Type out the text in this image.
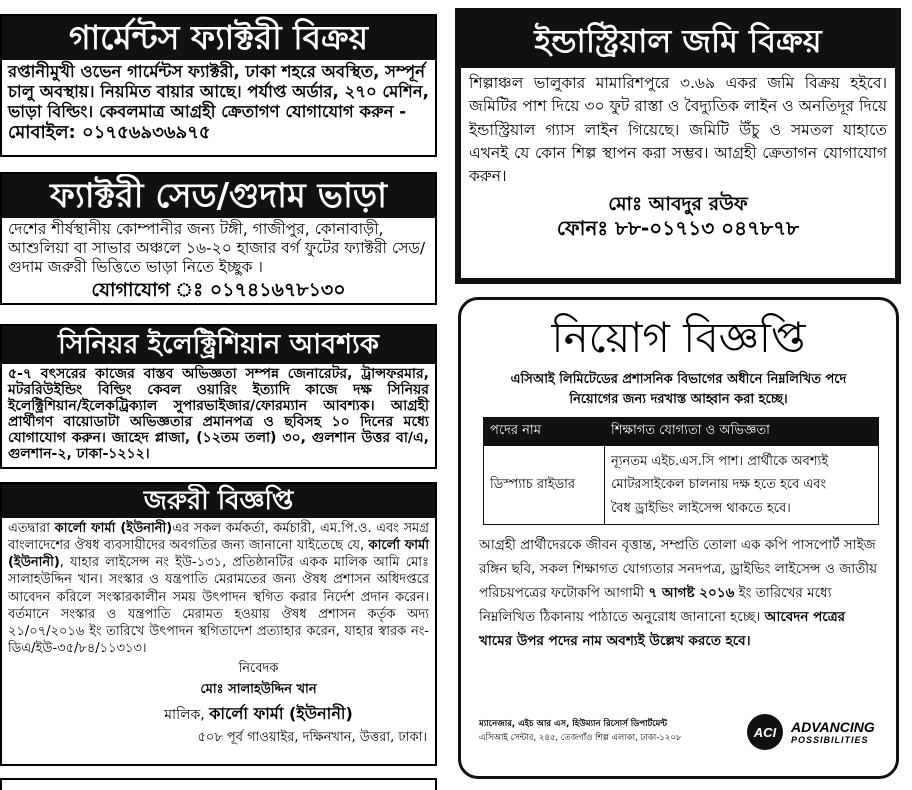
গার্মেন্টস ফ্যাক্টরী বিক্রয়
রপ্তানীমুখী ওভেন গার্মেন্টস ফ্যাক্টরী, ঢাকা শহরে অবস্থিত, সম্পূর্ন চালু অবস্থায়। নিয়মিত বায়ার আছে। পর্যাপ্ত অর্ডার, ২৭০ মেশিন, ভাড়া বিল্ডিং। কেবলমাত্র আগ্রহী ক্রেতাগণ যোগাযোগ করুন - মোবাইল: ০১৭৫৬৯৩৬৯৭৫
ফ্যাক্টরী সেড/গুদাম ভাড়া
দেশের শীর্ষস্থানীয় কোম্পানীর জন্য টঙ্গী, গাজীপুর, কোনাবাড়ী, আশুলিয়া বা সাভার অঞ্চলে ১৬-২০ হাজার বর্গ ফুটের ফ্যাক্টরী সেড/গুদাম জরুরী ভিত্তিতে ভাড়া নিতে ইচ্ছুক ।
যোগাযোগ ঃ ০১৭৪১৬৭৮১৩০
সিনিয়র ইলেক্ট্রিশিয়ান আবশ্যক
৫-৭ বৎসরের কাজের বাস্তব অভিজ্ঞতা সম্পন্ন জেনারেটর, ট্রান্সফরমার, মটররিউইন্ডিং বিল্ডিং কেবল ওয়ারিং ইত্যাদি কাজে দক্ষ সিনিয়র ইলেক্ট্রিশিয়ান/ইলেকট্রিক্যাল সুপারভাইজার/ফোরম্যান আবশ্যক। আগ্রহী প্রার্থীগণ বায়োডাটা অভিজ্ঞতার প্রমানপত্র ও ছবিসহ ১০ দিনের মধ্যে যোগাযোগ করুন। জাহেদ প্লাজা, (১২তম তলা) ৩০, গুলশান উত্তর বা/এ, গুলশান-২, ঢাকা-১২১২।
জরুরী বিজ্ঞপ্তি
এতদ্বারা কার্লো ফার্মা (ইউনানী)এর সকল কর্মকর্তা, কর্মচারী, এম.পি.ও. এবং সমগ্র বাংলাদেশের ঔষধ ব্যবসায়ীদের অবগতির জন্য জানানো যাইতেছে যে, কার্লো ফার্মা (ইউনানী), যাহার লাইসেন্স নং ইউ-১৩১, প্রতিষ্ঠানটির একক মালিক আমি মোঃ সালাহউদ্দিন খান। সংস্কার ও যন্ত্রপাতি মেরামতের জন্য ঔষধ প্রশাসন অধিদপ্তরে আবেদন করিলে সংস্কারকালীন সময় উৎপাদন স্থগিত করার নির্দেশ প্রদান করেন। বর্তমানে সংস্কার ও যন্ত্রপাতি মেরামত হওয়ায় ঔষধ প্রশাসন কর্তৃক অদ্য ২১/০৭/২০১৬ ইং তারিখে উৎপাদন স্থগিতাদেশ প্রত্যাহার করেন, যাহার স্বারক নং-ডিএ/ইউ-৩৫/৮৪/১১৩১৩।
নিবেদক
মোঃ সালাহউদ্দিন খান
মালিক, কার্লো ফার্মা (ইউনানী)
৫০৮ পূর্ব গাওয়াইর, দক্ষিনখান, উত্তরা, ঢাকা।
ইন্ডাস্ট্রিয়াল জমি বিক্রয়
শিল্পাঞ্চল ভালুকার মামারিশপুরে ৩.৬৯ একর জমি বিক্রয় হইবে। জমিটির পাশ দিয়ে ৩০ ফুট রাস্তা ও বৈদ্যুতিক লাইন ও অনতিদূর দিয়ে ইন্ডাস্ট্রিয়াল গ্যাস লাইন গিয়েছে। জমিটি উঁচু ও সমতল যাহাতে এখনই যে কোন শিল্প স্থাপন করা সম্ভব। আগ্রহী ক্রেতাগন যোগাযোগ করুন।
মোঃ আবদুর রউফ
ফোনঃ ৮৮-০১৭১৩ ০৪৭৮৭৮
নিয়োগ বিজ্ঞপ্তি
এসিআই লিমিটেডের প্রশাসনিক বিভাগের অধীনে নিম্নলিখিত পদে নিয়োগের জন্য দরখাস্ত আহ্বান করা হচ্ছে।
পদের নাম	শিক্ষাগত যোগ্যতা ও অভিজ্ঞতা
ডিস্প্যাচ রাইডার	ন্যূনতম এইচ.এস.সি পাশ। প্রার্থীকে অবশ্যই
মোটরসাইকেল চালনায় দক্ষ হতে হবে এবং
বৈধ ড্রাইভিং লাইসেন্স থাকতে হবে।
আগ্রহী প্রার্থীদেরকে জীবন বৃত্তান্ত, সম্প্রতি তোলা এক কপি পাসপোর্ট সাইজ রঙ্গিন ছবি, সকল শিক্ষাগত যোগ্যতার সনদপত্র, ড্রাইভিং লাইসেন্স ও জাতীয় পরিচয়পত্রের ফটোকপি আগামী ৭ আগষ্ট ২০১৬ ইং তারিখের মধ্যে নিম্নলিখিত ঠিকানায় পাঠাতে অনুরোধ জানানো হচ্ছে। আবেদন পত্রের খামের উপর পদের নাম অবশ্যই উল্লেখ করতে হবে।
ম্যানেজার, এইচ আর এস, হিউম্যান রিসোর্স ডিপার্টমেন্ট
এসিআই সেন্টার, ২৪৫, তেজগাঁও শিল্প এলাকা, ঢাকা-১২০৮	ACI ADVANCING
POSSIBILITIES
